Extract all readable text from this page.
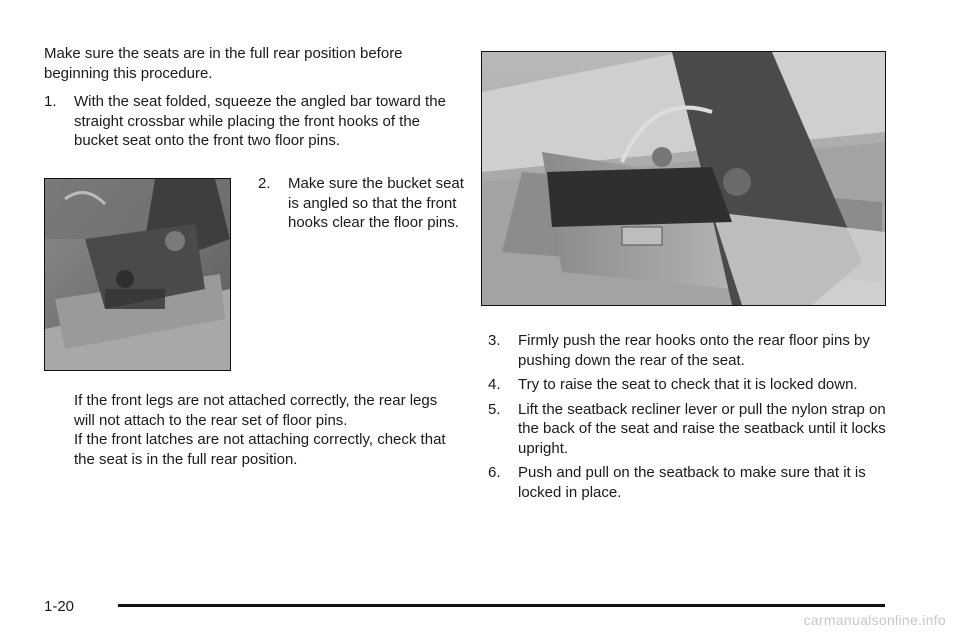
Make sure the seats are in the full rear position before beginning this procedure.
1. With the seat folded, squeeze the angled bar toward the straight crossbar while placing the front hooks of the bucket seat onto the front two floor pins.
2. Make sure the bucket seat is angled so that the front hooks clear the floor pins.
If the front legs are not attached correctly, the rear legs will not attach to the rear set of floor pins.
If the front latches are not attaching correctly, check that the seat is in the full rear position.
3. Firmly push the rear hooks onto the rear floor pins by pushing down the rear of the seat.
4. Try to raise the seat to check that it is locked down.
5. Lift the seatback recliner lever or pull the nylon strap on the back of the seat and raise the seatback until it locks upright.
6. Push and pull on the seatback to make sure that it is locked in place.
1-20
carmanualsonline.info
